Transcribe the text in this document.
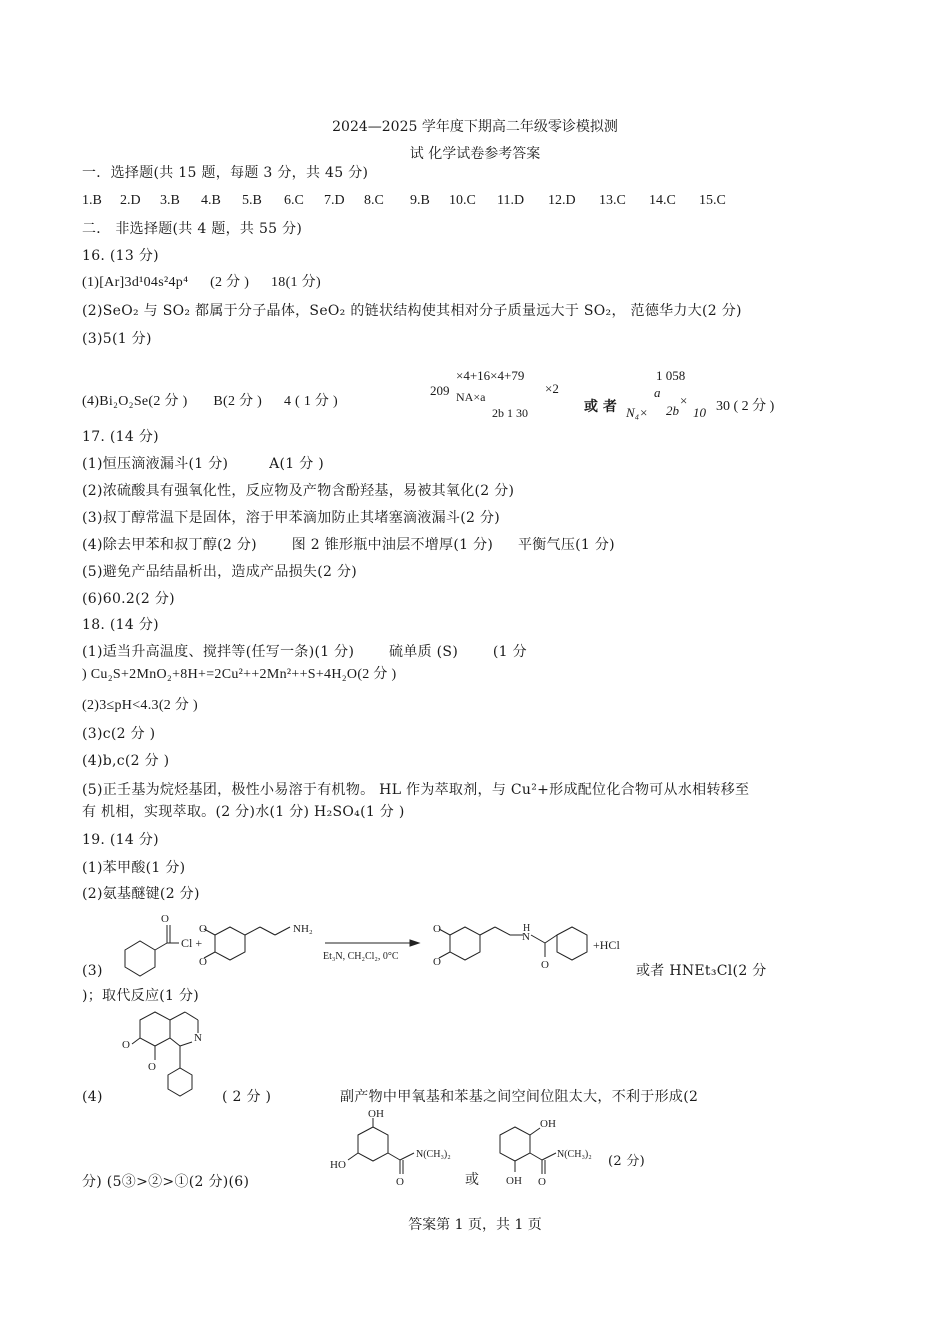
2024—2025 学年度下期高二年级零诊模拟测
试 化学试卷参考答案
一．选择题(共 15 题，每题 3 分，共 45 分)
1.B 2.D 3.B 4.B 5.B 6.C 7.D 8.C 9.B 10.C 11.D 12.D 13.C 14.C 15.C
二． 非选择题(共 4 题，共 55 分)
16. (13 分)
(1)[Ar]3d¹04s²4p⁴ (2 分 ) 18(1 分)
(2)SeO₂ 与 SO₂ 都属于分子晶体，SeO₂ 的链状结构使其相对分子质量远大于 SO₂， 范德华力大(2 分)
(3)5(1 分)
(4)Bi₂O₂Se(2 分 ) B(2 分 ) 4 ( 1 分 )
209
×4+16×4+79
NA×a
×2
2b 1 30	或 者
1 058
a
N₄× 2b
×
10 30 ( 2 分 )
17. (14 分)
(1)恒压滴液漏斗(1 分)	A(1 分 )
(2)浓硫酸具有强氧化性，反应物及产物含酚羟基，易被其氧化(2 分)
(3)叔丁醇常温下是固体，溶于甲苯滴加防止其堵塞滴液漏斗(2 分)
(4)除去甲苯和叔丁醇(2 分) 图 2 锥形瓶中油层不增厚(1 分) 平衡气压(1 分)
(5)避免产品结晶析出，造成产品损失(2 分)
(6)60.2(2 分)
18. (14 分)
(1)适当升高温度、搅拌等(任写一条)(1 分) 硫单质 (S) (1 分
) Cu₂S+2MnO₂+8H+=2Cu²++2Mn²++S+4H₂O(2 分 )
(2)3≤pH<4.3(2 分 )
(3)c(2 分 )
(4)b,c(2 分 )
(5)正壬基为烷烃基团，极性小易溶于有机物。 HL 作为萃取剂，与 Cu²+形成配位化合物可从水相转移至
有 机相，实现萃取。(2 分)水(1 分) H₂SO₄(1 分 )
19. (14 分)
(1)苯甲酸(1 分)
(2)氨基醚键(2 分)
O
Cl +
O
O
NH₂
Et₃N, CH₂Cl₂, 0°C
O
O
H
N
O
+HCl
(3)	或者 HNEt₃Cl(2 分
)；取代反应(1 分)
O
O
N
(4)	( 2 分 )	副产物中甲氧基和苯基之间空间位阻太大，不利于形成(2
OH
HO
O
N(CH₃)₂
OH
OH O
N(CH₃)₂ (2 分)
分) (5③>②>①(2 分)(6)	或
答案第 1 页，共 1 页
